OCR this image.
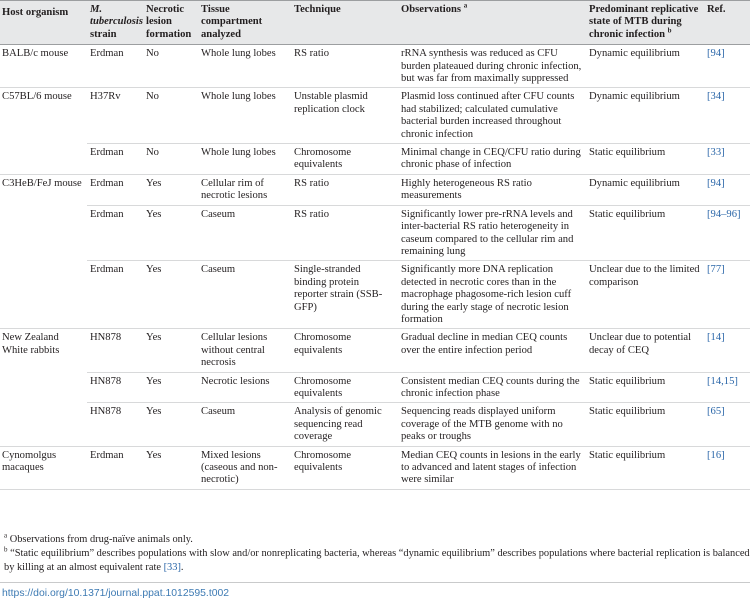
Host organism	M. tuberculosis strain	Necrotic lesion formation	Tissue compartment analyzed	Technique	Observations $^a$	Predominant replicative state of MTB during chronic infection $^b$	Ref.
BALB/c mouse	Erdman	No	Whole lung lobes	RS ratio	rRNA synthesis was reduced as CFU burden plateaued during chronic infection, but was far from maximally suppressed	Dynamic equilibrium	[94]
C57BL/6 mouse	H37Rv	No	Whole lung lobes	Unstable plasmid replication clock	Plasmid loss continued after CFU counts had stabilized; calculated cumulative bacterial burden increased throughout chronic infection	Dynamic equilibrium	[34]
	Erdman	No	Whole lung lobes	Chromosome equivalents	Minimal change in CEQ/CFU ratio during chronic phase of infection	Static equilibrium	[33]
C3HeB/FeJ mouse	Erdman	Yes	Cellular rim of necrotic lesions	RS ratio	Highly heterogeneous RS ratio measurements	Dynamic equilibrium	[94]
	Erdman	Yes	Caseum	RS ratio	Significantly lower pre-rRNA levels and inter-bacterial RS ratio heterogeneity in caseum compared to the cellular rim and remaining lung	Static equilibrium	[94–96]
	Erdman	Yes	Caseum	Single-stranded binding protein reporter strain (SSB-GFP)	Significantly more DNA replication detected in necrotic cores than in the macrophage phagosome-rich lesion cuff during the early stage of necrotic lesion formation	Unclear due to the limited comparison	[77]
New Zealand White rabbits	HN878	Yes	Cellular lesions without central necrosis	Chromosome equivalents	Gradual decline in median CEQ counts over the entire infection period	Unclear due to potential decay of CEQ	[14]
	HN878	Yes	Necrotic lesions	Chromosome equivalents	Consistent median CEQ counts during the chronic infection phase	Static equilibrium	[14,15]
	HN878	Yes	Caseum	Analysis of genomic sequencing read coverage	Sequencing reads displayed uniform coverage of the MTB genome with no peaks or troughs	Static equilibrium	[65]
Cynomolgus macaques	Erdman	Yes	Mixed lesions (caseous and non-necrotic)	Chromosome equivalents	Median CEQ counts in lesions in the early to advanced and latent stages of infection were similar	Static equilibrium	[16]

$^a$ Observations from drug-naïve animals only.

$^b$ “Static equilibrium” describes populations with slow and/or nonreplicating bacteria, whereas “dynamic equilibrium” describes populations where bacterial replication is balanced by killing at an almost equivalent rate [33].

https://doi.org/10.1371/journal.ppat.1012595.t002
